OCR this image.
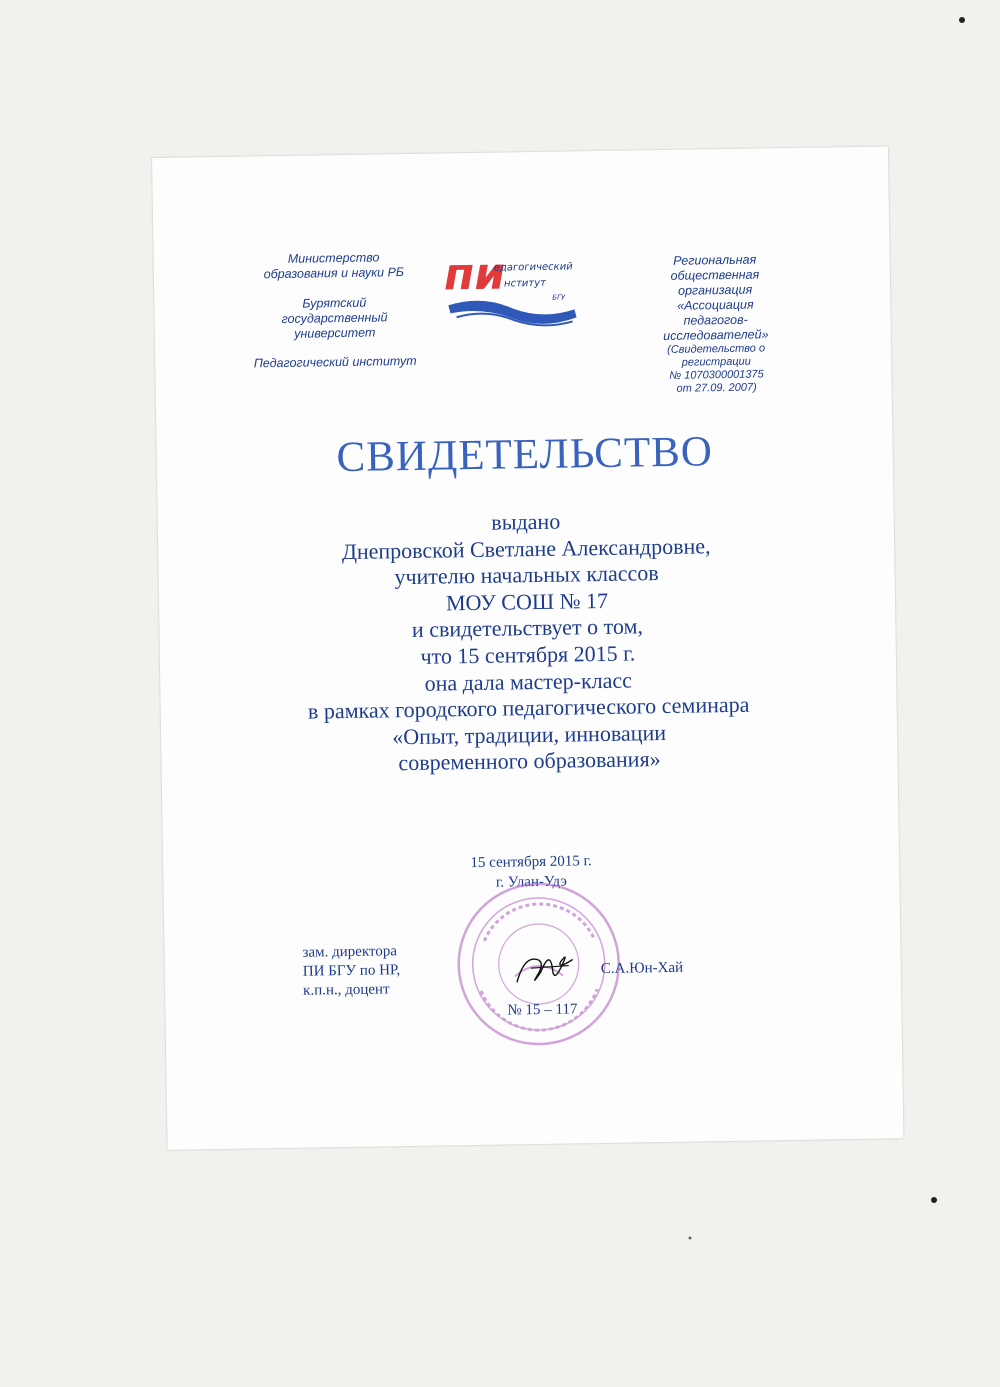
Министерство
образования и науки РБ
Бурятский
государственный
университет
Педагогический институт
пи
едагогический
нститут
БГУ
Региональная
общественная
организация
«Ассоциация
педагогов-
исследователей»
(Свидетельство о
регистрации
№ 1070300001375
от 27.09. 2007)
СВИДЕТЕЛЬСТВО
выдано
Днепровской Светлане Александровне,
учителю начальных классов
МОУ СОШ № 17
и свидетельствует о том,
что 15 сентября 2015 г.
она дала мастер-класс
в рамках городского педагогического семинара
«Опыт, традиции, инновации
современного образования»
15 сентября 2015 г.
г. Улан-Удэ
зам. директора
ПИ БГУ по НР,
к.п.н., доцент
С.А.Юн-Хай
№ 15 – 117
